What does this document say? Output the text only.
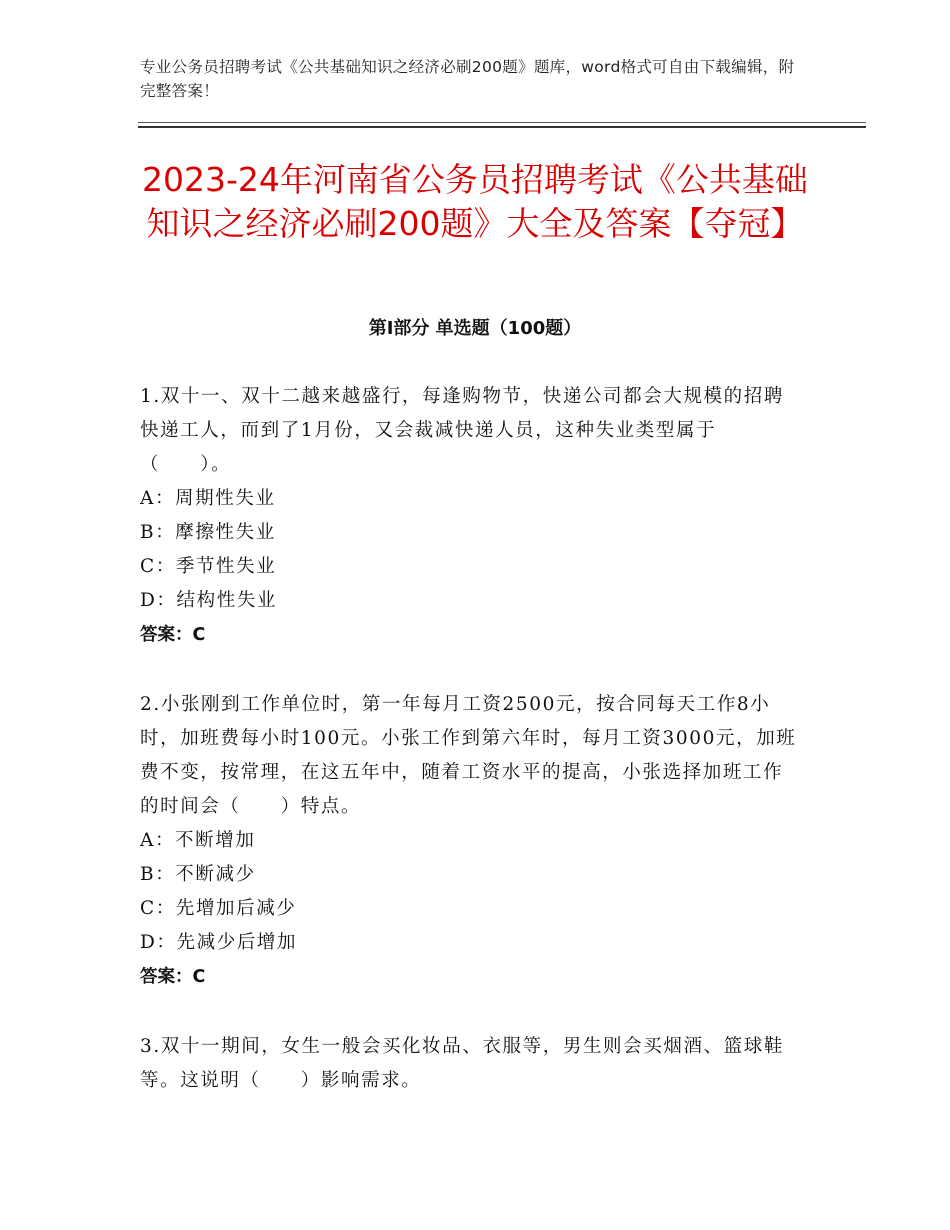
专业公务员招聘考试《公共基础知识之经济必刷200题》题库，word格式可自由下载编辑，附完整答案！
2023-24年河南省公务员招聘考试《公共基础知识之经济必刷200题》大全及答案【夺冠】
第Ⅰ部分 单选题（100题）

1.双十一、双十二越来越盛行，每逢购物节，快递公司都会大规模的招聘快递工人，而到了1月份，又会裁减快递人员，这种失业类型属于（　　）。

A：周期性失业

B：摩擦性失业

C：季节性失业

D：结构性失业

答案：C

2.小张刚到工作单位时，第一年每月工资2500元，按合同每天工作8小时，加班费每小时100元。小张工作到第六年时，每月工资3000元，加班费不变，按常理，在这五年中，随着工资水平的提高，小张选择加班工作的时间会（　　）特点。

A：不断增加

B：不断减少

C：先增加后减少

D：先减少后增加

答案：C

3.双十一期间，女生一般会买化妆品、衣服等，男生则会买烟酒、篮球鞋等。这说明（　　）影响需求。
